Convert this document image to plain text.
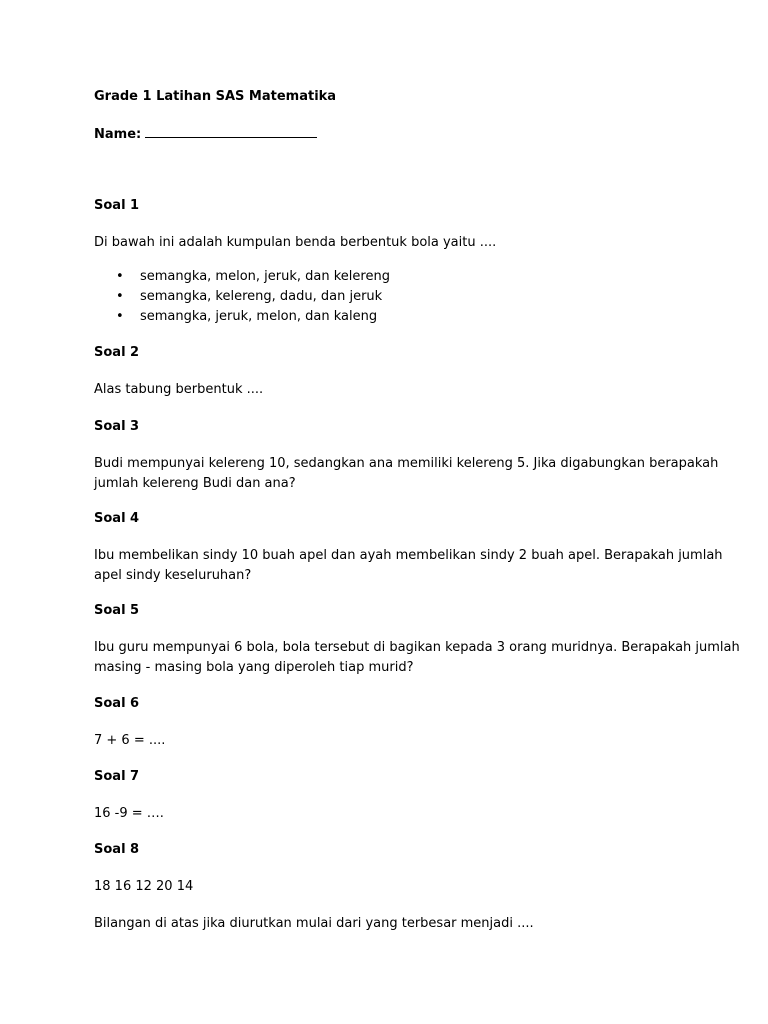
Grade 1 Latihan SAS Matematika
Name:
Soal 1
Di bawah ini adalah kumpulan benda berbentuk bola yaitu ....
• semangka, melon, jeruk, dan kelereng
• semangka, kelereng, dadu, dan jeruk
• semangka, jeruk, melon, dan kaleng
Soal 2
Alas tabung berbentuk ....
Soal 3
Budi mempunyai kelereng 10, sedangkan ana memiliki kelereng 5. Jika digabungkan berapakah
jumlah kelereng Budi dan ana?
Soal 4
Ibu membelikan sindy 10 buah apel dan ayah membelikan sindy 2 buah apel. Berapakah jumlah
apel sindy keseluruhan?
Soal 5
Ibu guru mempunyai 6 bola, bola tersebut di bagikan kepada 3 orang muridnya. Berapakah jumlah
masing - masing bola yang diperoleh tiap murid?
Soal 6
7 + 6 = ....
Soal 7
16 -9 = ….
Soal 8
18 16 12 20 14
Bilangan di atas jika diurutkan mulai dari yang terbesar menjadi ....
